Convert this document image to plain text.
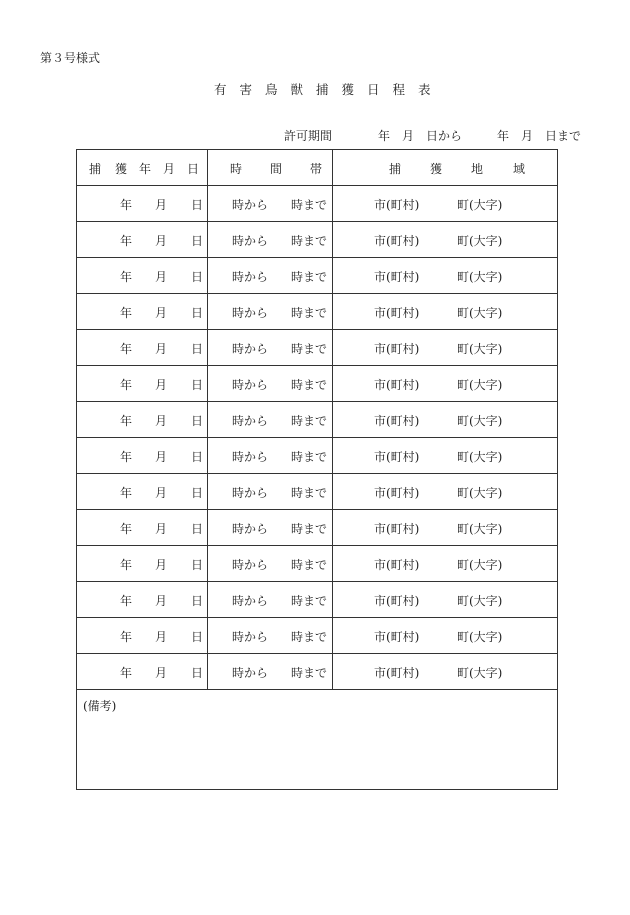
第３号様式
有害鳥獣捕獲日程表
許可期間	年 月 日から	年 月 日まで
捕 獲 年 月 日	時 間 帯	捕 獲 地 域

年 月 日	時から 時まで	市(町村) 町(大字)

年 月 日	時から 時まで	市(町村) 町(大字)

年 月 日	時から 時まで	市(町村) 町(大字)

年 月 日	時から 時まで	市(町村) 町(大字)

年 月 日	時から 時まで	市(町村) 町(大字)

年 月 日	時から 時まで	市(町村) 町(大字)

年 月 日	時から 時まで	市(町村) 町(大字)

年 月 日	時から 時まで	市(町村) 町(大字)

年 月 日	時から 時まで	市(町村) 町(大字)

年 月 日	時から 時まで	市(町村) 町(大字)

年 月 日	時から 時まで	市(町村) 町(大字)

年 月 日	時から 時まで	市(町村) 町(大字)

年 月 日	時から 時まで	市(町村) 町(大字)

年 月 日	時から 時まで	市(町村) 町(大字)

(備考)		
